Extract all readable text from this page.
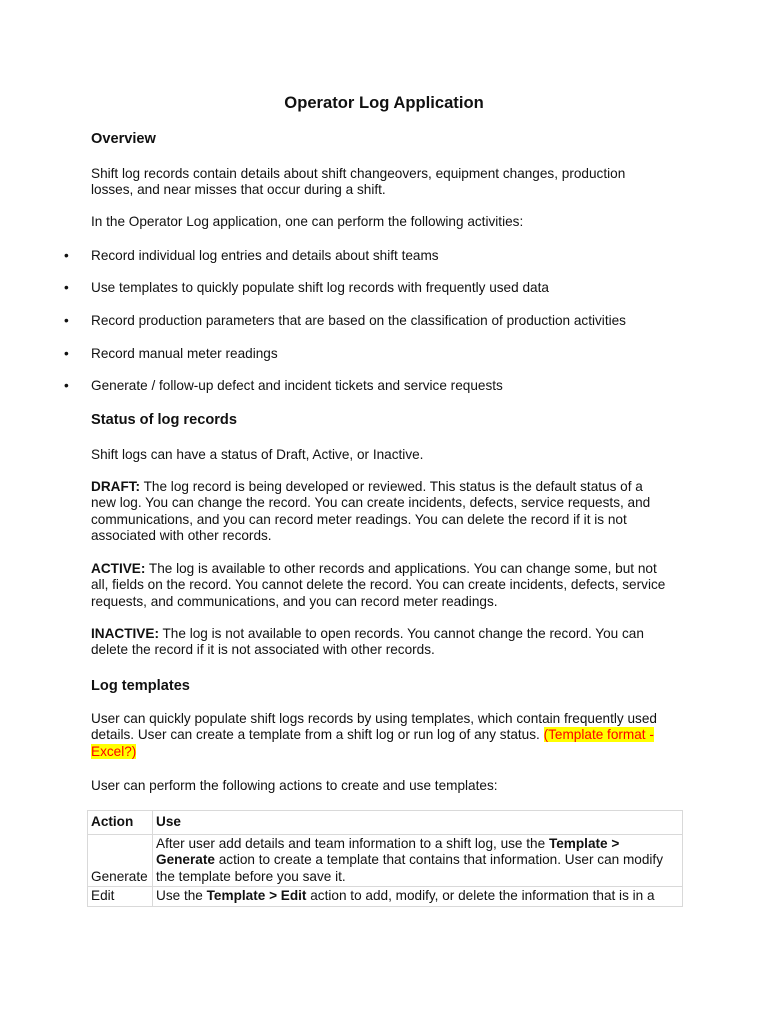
Operator Log Application
Overview
Shift log records contain details about shift changeovers, equipment changes, production
losses, and near misses that occur during a shift.
In the Operator Log application, one can perform the following activities:
•	Record individual log entries and details about shift teams
•	Use templates to quickly populate shift log records with frequently used data
•	Record production parameters that are based on the classification of production activities
•	Record manual meter readings
•	Generate / follow-up defect and incident tickets and service requests
Status of log records
Shift logs can have a status of Draft, Active, or Inactive.
DRAFT: The log record is being developed or reviewed. This status is the default status of a
new log. You can change the record. You can create incidents, defects, service requests, and
communications, and you can record meter readings. You can delete the record if it is not
associated with other records.
ACTIVE: The log is available to other records and applications. You can change some, but not
all, fields on the record. You cannot delete the record. You can create incidents, defects, service
requests, and communications, and you can record meter readings.
INACTIVE: The log is not available to open records. You cannot change the record. You can
delete the record if it is not associated with other records.
Log templates
User can quickly populate shift logs records by using templates, which contain frequently used
details. User can create a template from a shift log or run log of any status. (Template format -
Excel?)
User can perform the following actions to create and use templates:
Action	Use
Generate	After user add details and team information to a shift log, use the Template >
Generate action to create a template that contains that information. User can modify
the template before you save it.
Edit	Use the Template > Edit action to add, modify, or delete the information that is in a
